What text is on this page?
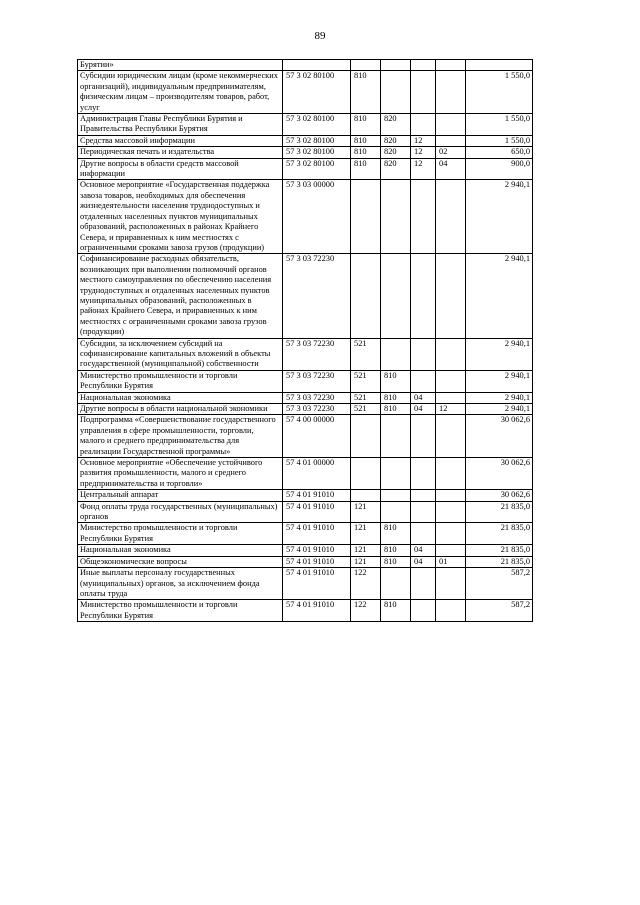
89
Бурятии»						
Субсидии юридическим лицам (кроме некоммерческих организаций), индивидуальным предпринимателям, физическим лицам – производителям товаров, работ, услуг	57 3 02 80100	810				1 550,0
Администрация Главы Республики Бурятия и Правительства Республики Бурятия	57 3 02 80100	810	820			1 550,0
Средства массовой информации	57 3 02 80100	810	820	12		1 550,0
Периодическая печать и издательства	57 3 02 80100	810	820	12	02	650,0
Другие вопросы в области средств массовой информации	57 3 02 80100	810	820	12	04	900,0
Основное мероприятие «Государственная поддержка завоза товаров, необходимых для обеспечения жизнедеятельности населения труднодоступных и отдаленных населенных пунктов муниципальных образований, расположенных в районах Крайнего Севера, и приравненных к ним местностях с ограниченными сроками завоза грузов (продукции)	57 3 03 00000					2 940,1
Софинансирование расходных обязательств, возникающих при выполнении полномочий органов местного самоуправления по обеспечению населения труднодоступных и отдаленных населенных пунктов муниципальных образований, расположенных в районах Крайнего Севера, и приравненных к ним местностях с ограниченными сроками завоза грузов (продукции)	57 3 03 72230					2 940,1
Субсидии, за исключением субсидий на софинансирование капитальных вложений в объекты государственной (муниципальной) собственности	57 3 03 72230	521				2 940,1
Министерство промышленности и торговли Республики Бурятия	57 3 03 72230	521	810			2 940,1
Национальная экономика	57 3 03 72230	521	810	04		2 940,1
Другие вопросы в области национальной экономики	57 3 03 72230	521	810	04	12	2 940,1
Подпрограмма «Совершенствование государственного управления в сфере промышленности, торговли, малого и среднего предпринимательства для реализации Государственной программы»	57 4 00 00000					30 062,6
Основное мероприятие «Обеспечение устойчивого развития промышленности, малого и среднего предпринимательства и торговли»	57 4 01 00000					30 062,6
Центральный аппарат	57 4 01 91010					30 062,6
Фонд оплаты труда государственных (муниципальных) органов	57 4 01 91010	121				21 835,0
Министерство промышленности и торговли Республики Бурятия	57 4 01 91010	121	810			21 835,0
Национальная экономика	57 4 01 91010	121	810	04		21 835,0
Общеэкономические вопросы	57 4 01 91010	121	810	04	01	21 835,0
Иные выплаты персоналу государственных (муниципальных) органов, за исключением фонда оплаты труда	57 4 01 91010	122				587,2
Министерство промышленности и торговли Республики Бурятия	57 4 01 91010	122	810			587,2
